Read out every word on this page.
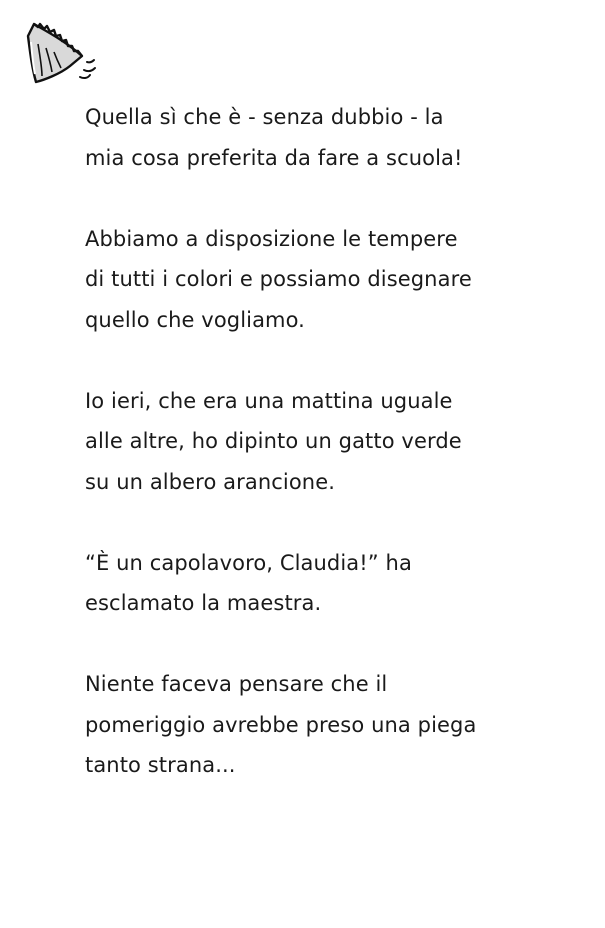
Quella sì che è - senza dubbio - la
mia cosa preferita da fare a scuola!

Abbiamo a disposizione le tempere
di tutti i colori e possiamo disegnare
quello che vogliamo.

Io ieri, che era una mattina uguale
alle altre, ho dipinto un gatto verde
su un albero arancione.

“È un capolavoro, Claudia!” ha
esclamato la maestra.

Niente faceva pensare che il
pomeriggio avrebbe preso una piega
tanto strana...
